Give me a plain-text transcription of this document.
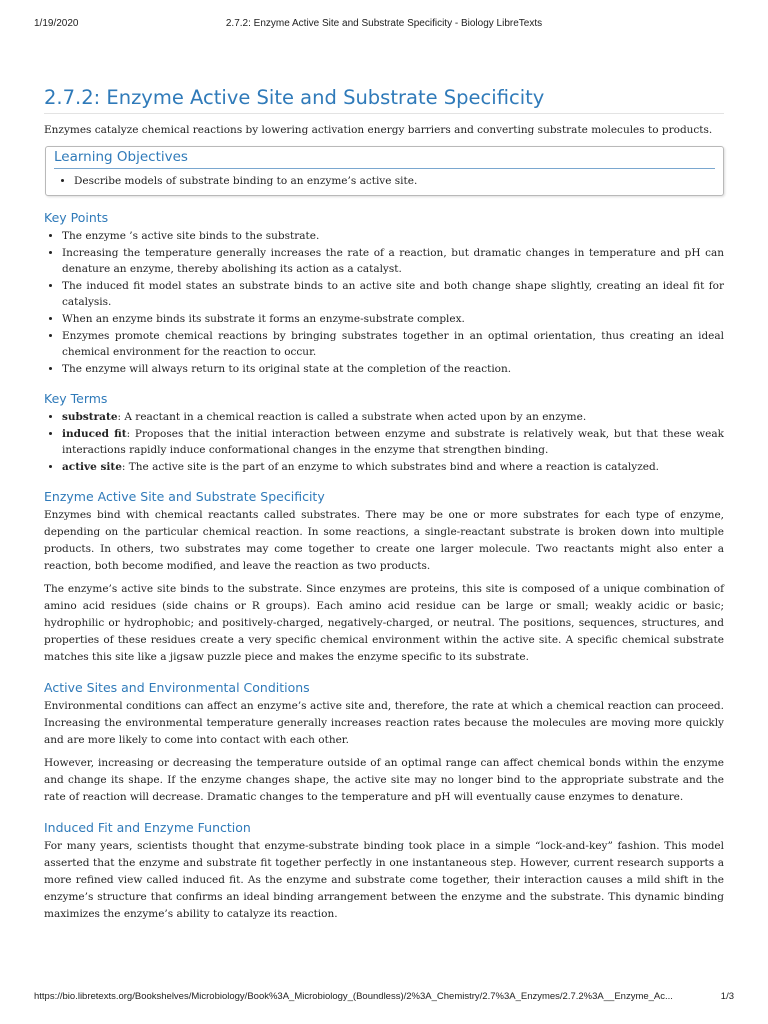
1/19/2020	2.7.2: Enzyme Active Site and Substrate Specificity - Biology LibreTexts
2.7.2: Enzyme Active Site and Substrate Specificity

Enzymes catalyze chemical reactions by lowering activation energy barriers and converting substrate molecules to products.

Learning Objectives
• Describe models of substrate binding to an enzyme’s active site.
Key Points
• The enzyme ’s active site binds to the substrate.
• Increasing the temperature generally increases the rate of a reaction, but dramatic changes in temperature and pH can denature an enzyme, thereby abolishing its action as a catalyst.
• The induced fit model states an substrate binds to an active site and both change shape slightly, creating an ideal fit for catalysis.
• When an enzyme binds its substrate it forms an enzyme-substrate complex.
• Enzymes promote chemical reactions by bringing substrates together in an optimal orientation, thus creating an ideal chemical environment for the reaction to occur.
• The enzyme will always return to its original state at the completion of the reaction.
Key Terms
• substrate: A reactant in a chemical reaction is called a substrate when acted upon by an enzyme.
• induced fit: Proposes that the initial interaction between enzyme and substrate is relatively weak, but that these weak interactions rapidly induce conformational changes in the enzyme that strengthen binding.
• active site: The active site is the part of an enzyme to which substrates bind and where a reaction is catalyzed.
Enzyme Active Site and Substrate Specificity

Enzymes bind with chemical reactants called substrates. There may be one or more substrates for each type of enzyme, depending on the particular chemical reaction. In some reactions, a single-reactant substrate is broken down into multiple products. In others, two substrates may come together to create one larger molecule. Two reactants might also enter a reaction, both become modified, and leave the reaction as two products.

The enzyme’s active site binds to the substrate. Since enzymes are proteins, this site is composed of a unique combination of amino acid residues (side chains or R groups). Each amino acid residue can be large or small; weakly acidic or basic; hydrophilic or hydrophobic; and positively-charged, negatively-charged, or neutral. The positions, sequences, structures, and properties of these residues create a very specific chemical environment within the active site. A specific chemical substrate matches this site like a jigsaw puzzle piece and makes the enzyme specific to its substrate.

Active Sites and Environmental Conditions

Environmental conditions can affect an enzyme’s active site and, therefore, the rate at which a chemical reaction can proceed. Increasing the environmental temperature generally increases reaction rates because the molecules are moving more quickly and are more likely to come into contact with each other.

However, increasing or decreasing the temperature outside of an optimal range can affect chemical bonds within the enzyme and change its shape. If the enzyme changes shape, the active site may no longer bind to the appropriate substrate and the rate of reaction will decrease. Dramatic changes to the temperature and pH will eventually cause enzymes to denature.

Induced Fit and Enzyme Function

For many years, scientists thought that enzyme-substrate binding took place in a simple “lock-and-key” fashion. This model asserted that the enzyme and substrate fit together perfectly in one instantaneous step. However, current research supports a more refined view called induced fit. As the enzyme and substrate come together, their interaction causes a mild shift in the enzyme’s structure that confirms an ideal binding arrangement between the enzyme and the substrate. This dynamic binding maximizes the enzyme’s ability to catalyze its reaction.

https://bio.libretexts.org/Bookshelves/Microbiology/Book%3A_Microbiology_(Boundless)/2%3A_Chemistry/2.7%3A_Enzymes/2.7.2%3A__Enzyme_Ac...	1/3
